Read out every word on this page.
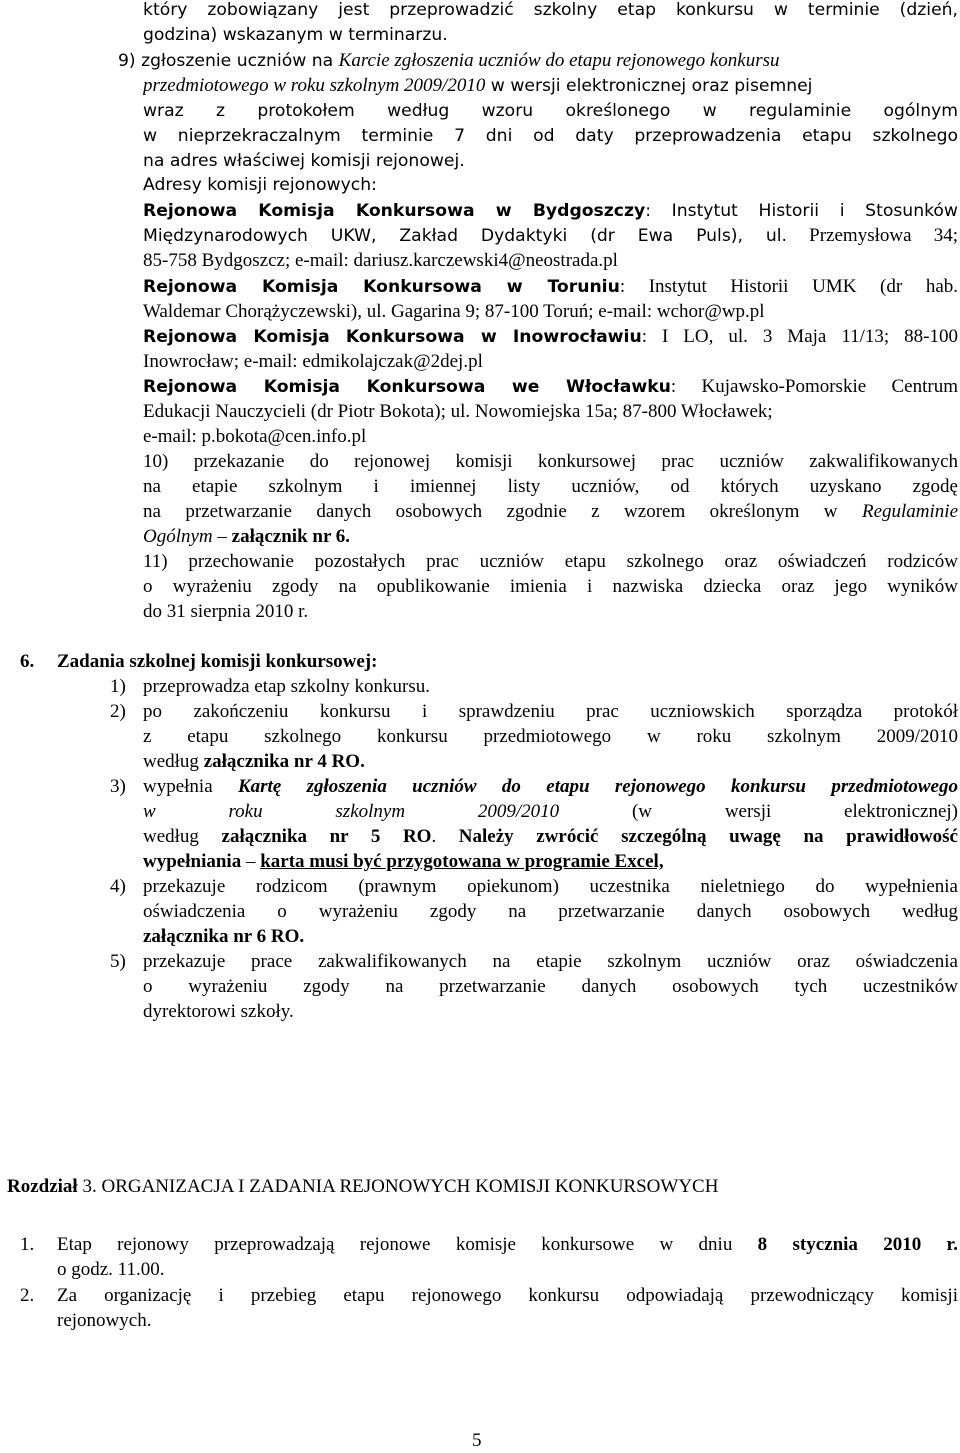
który zobowiązany jest przeprowadzić szkolny etap konkursu w terminie (dzień,
godzina) wskazanym w terminarzu.
9) zgłoszenie uczniów na Karcie zgłoszenia uczniów do etapu rejonowego konkursu
przedmiotowego w roku szkolnym 2009/2010 w wersji elektronicznej oraz pisemnej
wraz z protokołem według wzoru określonego w regulaminie ogólnym
w nieprzekraczalnym terminie 7 dni od daty przeprowadzenia etapu szkolnego
na adres właściwej komisji rejonowej.
Adresy komisji rejonowych:
Rejonowa Komisja Konkursowa w Bydgoszczy: Instytut Historii i Stosunków
Międzynarodowych UKW, Zakład Dydaktyki (dr Ewa Puls), ul. Przemysłowa 34;
85-758 Bydgoszcz; e-mail: dariusz.karczewski4@neostrada.pl
Rejonowa Komisja Konkursowa w Toruniu: Instytut Historii UMK (dr hab.
Waldemar Chorążyczewski), ul. Gagarina 9; 87-100 Toruń; e-mail: wchor@wp.pl
Rejonowa Komisja Konkursowa w Inowrocławiu: I LO, ul. 3 Maja 11/13; 88-100
Inowrocław; e-mail: edmikolajczak@2dej.pl
Rejonowa Komisja Konkursowa we Włocławku: Kujawsko-Pomorskie Centrum
Edukacji Nauczycieli (dr Piotr Bokota); ul. Nowomiejska 15a; 87-800 Włocławek;
e-mail: p.bokota@cen.info.pl
10) przekazanie do rejonowej komisji konkursowej prac uczniów zakwalifikowanych
na etapie szkolnym i imiennej listy uczniów, od których uzyskano zgodę
na przetwarzanie danych osobowych zgodnie z wzorem określonym w Regulaminie
Ogólnym – załącznik nr 6.
11) przechowanie pozostałych prac uczniów etapu szkolnego oraz oświadczeń rodziców
o wyrażeniu zgody na opublikowanie imienia i nazwiska dziecka oraz jego wyników
do 31 sierpnia 2010 r.
6. Zadania szkolnej komisji konkursowej:
1) przeprowadza etap szkolny konkursu.
2) po zakończeniu konkursu i sprawdzeniu prac uczniowskich sporządza protokół
z etapu szkolnego konkursu przedmiotowego w roku szkolnym 2009/2010
według załącznika nr 4 RO.
3) wypełnia Kartę zgłoszenia uczniów do etapu rejonowego konkursu przedmiotowego
w roku szkolnym 2009/2010 (w wersji elektronicznej)
według załącznika nr 5 RO. Należy zwrócić szczególną uwagę na prawidłowość
wypełniania – karta musi być przygotowana w programie Excel,
4) przekazuje rodzicom (prawnym opiekunom) uczestnika nieletniego do wypełnienia
oświadczenia o wyrażeniu zgody na przetwarzanie danych osobowych według
załącznika nr 6 RO.
5) przekazuje prace zakwalifikowanych na etapie szkolnym uczniów oraz oświadczenia
o wyrażeniu zgody na przetwarzanie danych osobowych tych uczestników
dyrektorowi szkoły.
Rozdział 3. ORGANIZACJA I ZADANIA REJONOWYCH KOMISJI KONKURSOWYCH
1. Etap rejonowy przeprowadzają rejonowe komisje konkursowe w dniu 8 stycznia 2010 r.
o godz. 11.00.
2. Za organizację i przebieg etapu rejonowego konkursu odpowiadają przewodniczący komisji
rejonowych.
5
